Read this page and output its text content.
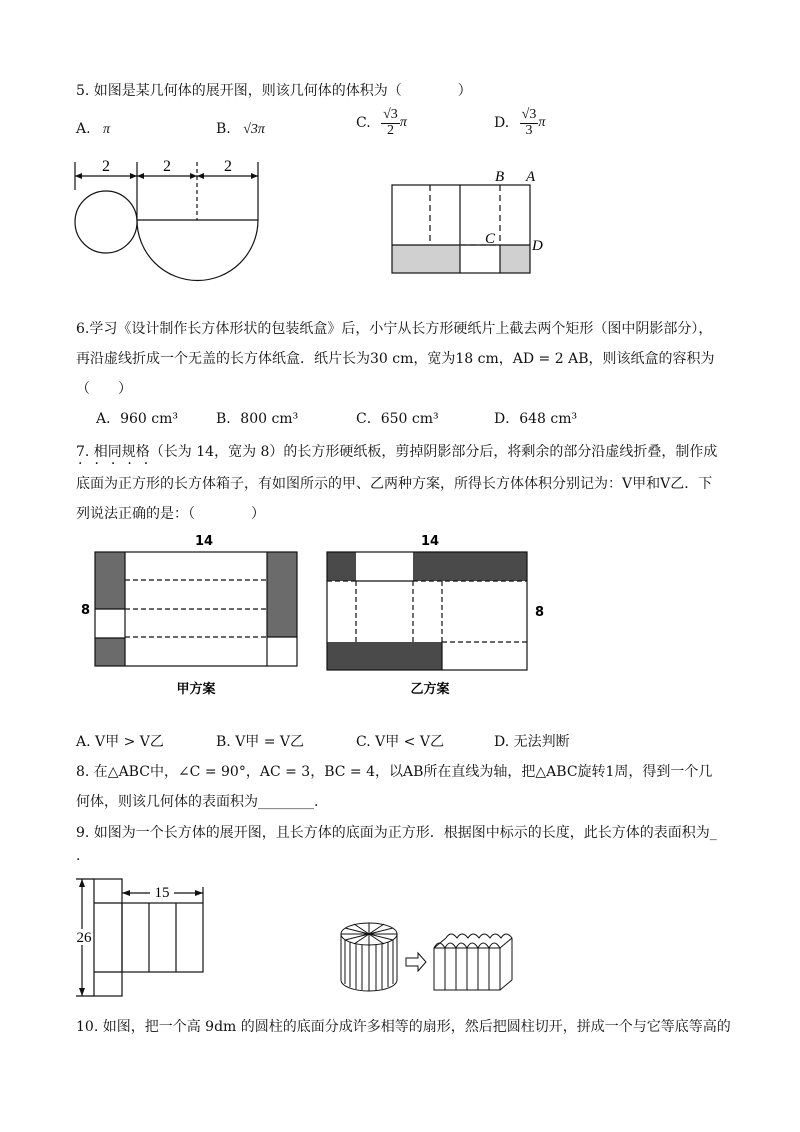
5. 如图是某几何体的展开图，则该几何体的体积为（　　　　）
A. π	B. √3π	C. $\frac{√3}{2}$ π	D. $\frac{√3}{3}$ π
2	2	2
B A
C D
6.学习《设计制作长方体形状的包装纸盒》后，小宁从长方形硬纸片上截去两个矩形（图中阴影部分），
再沿虚线折成一个无盖的长方体纸盒．纸片长为30 cm，宽为18 cm，AD = 2 AB，则该纸盒的容积为
（　　）
A．960 cm³	B．800 cm³	C．650 cm³	D．648 cm³
7. 相同规格（长为 14，宽为 8）的长方形硬纸板，剪掉阴影部分后，将剩余的部分沿虚线折叠，制作成
·····
底面为正方形的长方体箱子，有如图所示的甲、乙两种方案，所得长方体体积分别记为：V甲和V乙．下
列说法正确的是：（　　　　）
14
8
甲方案
14
8
乙方案
A. V甲 > V乙	B. V甲 = V乙	C. V甲 < V乙	D. 无法判断
8. 在△ABC中，∠C = 90°，AC = 3，BC = 4，以AB所在直线为轴，把△ABC旋转1周，得到一个几
何体，则该几何体的表面积为________.
9. 如图为一个长方体的展开图，且长方体的底面为正方形．根据图中标示的长度，此长方体的表面积为_
.
15
26
10. 如图，把一个高 9dm 的圆柱的底面分成许多相等的扇形，然后把圆柱切开，拼成一个与它等底等高的
